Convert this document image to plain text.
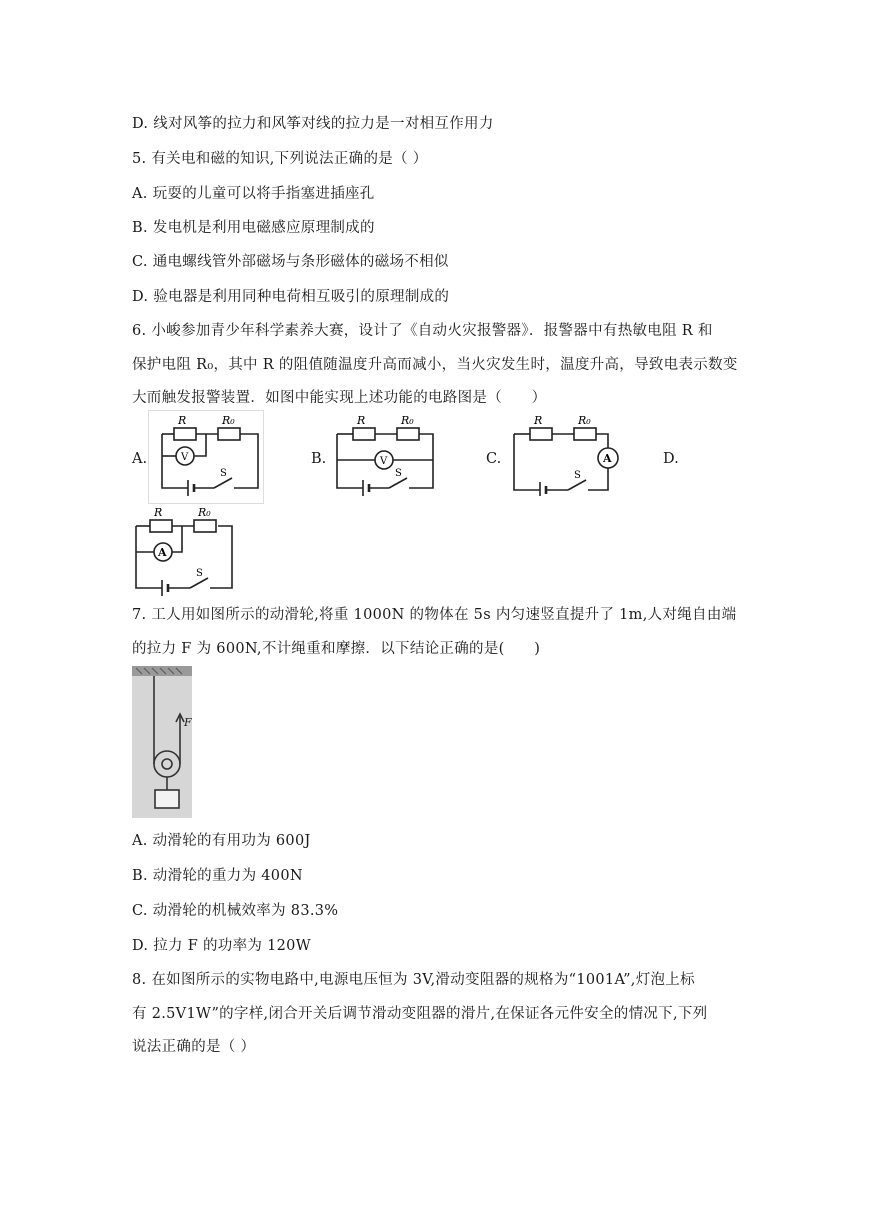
D. 线对风筝的拉力和风筝对线的拉力是一对相互作用力
5. 有关电和磁的知识,下列说法正确的是（ ）
A. 玩耍的儿童可以将手指塞进插座孔
B. 发电机是利用电磁感应原理制成的
C. 通电螺线管外部磁场与条形磁体的磁场不相似
D. 验电器是利用同种电荷相互吸引的原理制成的
6. 小峻参加青少年科学素养大赛，设计了《自动火灾报警器》．报警器中有热敏电阻 R 和
保护电阻 R₀，其中 R 的阻值随温度升高而减小，当火灾发生时，温度升高，导致电表示数变
大而触发报警装置．如图中能实现上述功能的电路图是（　　）
A.	B.	C.	D.
R	R₀
V
S
R	R₀
V
S
R	R₀
A
S
R	R₀
A
S
7. 工人用如图所示的动滑轮,将重 1000N 的物体在 5s 内匀速竖直提升了 1m,人对绳自由端
的拉力 F 为 600N,不计绳重和摩擦．以下结论正确的是(　　)
F
A. 动滑轮的有用功为 600J
B. 动滑轮的重力为 400N
C. 动滑轮的机械效率为 83.3%
D. 拉力 F 的功率为 120W
8. 在如图所示的实物电路中,电源电压恒为 3V,滑动变阻器的规格为“1001A”,灯泡上标
有 2.5V1W”的字样,闭合开关后调节滑动变阻器的滑片,在保证各元件安全的情况下,下列
说法正确的是（ ）
